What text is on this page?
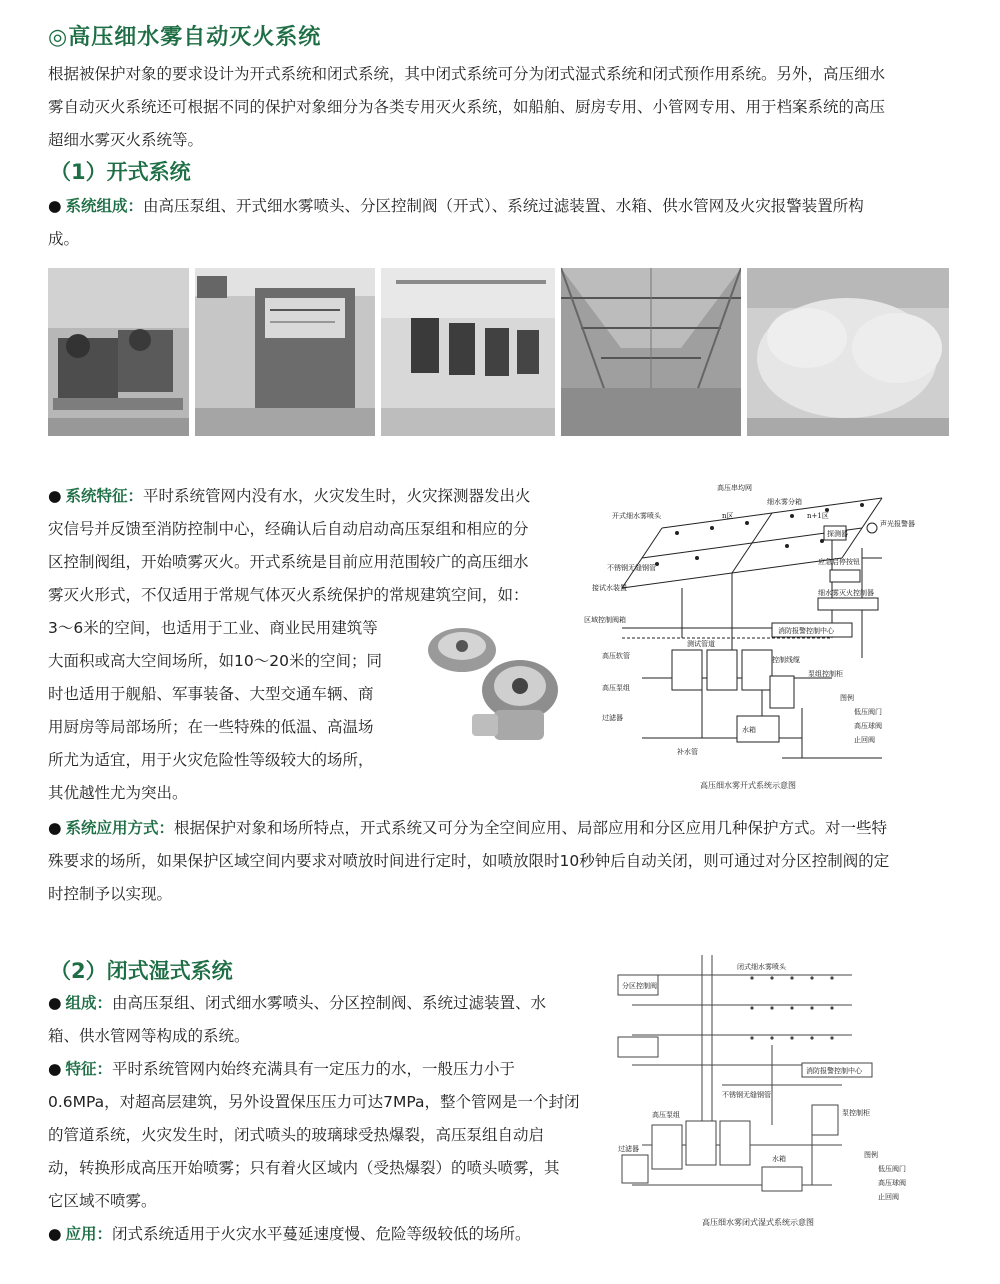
◎高压细水雾自动灭火系统
根据被保护对象的要求设计为开式系统和闭式系统，其中闭式系统可分为闭式湿式系统和闭式预作用系统。另外，高压细水
雾自动灭火系统还可根据不同的保护对象细分为各类专用灭火系统，如船舶、厨房专用、小管网专用、用于档案系统的高压
超细水雾灭火系统等。
（1）开式系统
● 系统组成：由高压泵组、开式细水雾喷头、分区控制阀（开式）、系统过滤装置、水箱、供水管网及火灾报警装置所构
成。
● 系统特征：平时系统管网内没有水，火灾发生时，火灾探测器发出火
灾信号并反馈至消防控制中心，经确认后自动启动高压泵组和相应的分
区控制阀组，开始喷雾灭火。开式系统是目前应用范围较广的高压细水
雾灭火形式，不仅适用于常规气体灭火系统保护的常规建筑空间，如：
3～6米的空间，也适用于工业、商业民用建筑等
大面积或高大空间场所，如10～20米的空间；同
时也适用于舰船、军事装备、大型交通车辆、商
用厨房等局部场所；在一些特殊的低温、高温场
所尤为适宜，用于火灾危险性等级较大的场所，
其优越性尤为突出。
高压串均网
开式细水雾喷头	n区
细水雾分箱
n+1区
声光报警器
探测器
不锈钢无缝钢管
应急启停按钮
接试水装置
细水雾灭火控制器
区域控制阀箱
消防报警控制中心
控制线缆
泵组控制柜
高压软管
测试管道
高压泵组
过滤器
水箱
补水管
图例
低压阀门
高压球阀
止回阀
高压细水雾开式系统示意图
● 系统应用方式：根据保护对象和场所特点，开式系统又可分为全空间应用、局部应用和分区应用几种保护方式。对一些特
殊要求的场所，如果保护区域空间内要求对喷放时间进行定时，如喷放限时10秒钟后自动关闭，则可通过对分区控制阀的定
时控制予以实现。
（2）闭式湿式系统
● 组成：由高压泵组、闭式细水雾喷头、分区控制阀、系统过滤装置、水
箱、供水管网等构成的系统。
● 特征：平时系统管网内始终充满具有一定压力的水，一般压力小于
0.6MPa，对超高层建筑，另外设置保压压力可达7MPa，整个管网是一个封闭
的管道系统，火灾发生时，闭式喷头的玻璃球受热爆裂，高压泵组自动启
动，转换形成高压开始喷雾；只有着火区域内（受热爆裂）的喷头喷雾，其
它区域不喷雾。
● 应用：闭式系统适用于火灾水平蔓延速度慢、危险等级较低的场所。
分区控制阀
闭式细水雾喷头
不锈钢无缝钢管
消防报警控制中心
泵控制柜
高压泵组
过滤器
水箱	图例
低压阀门
高压球阀
止回阀
高压细水雾闭式湿式系统示意图
